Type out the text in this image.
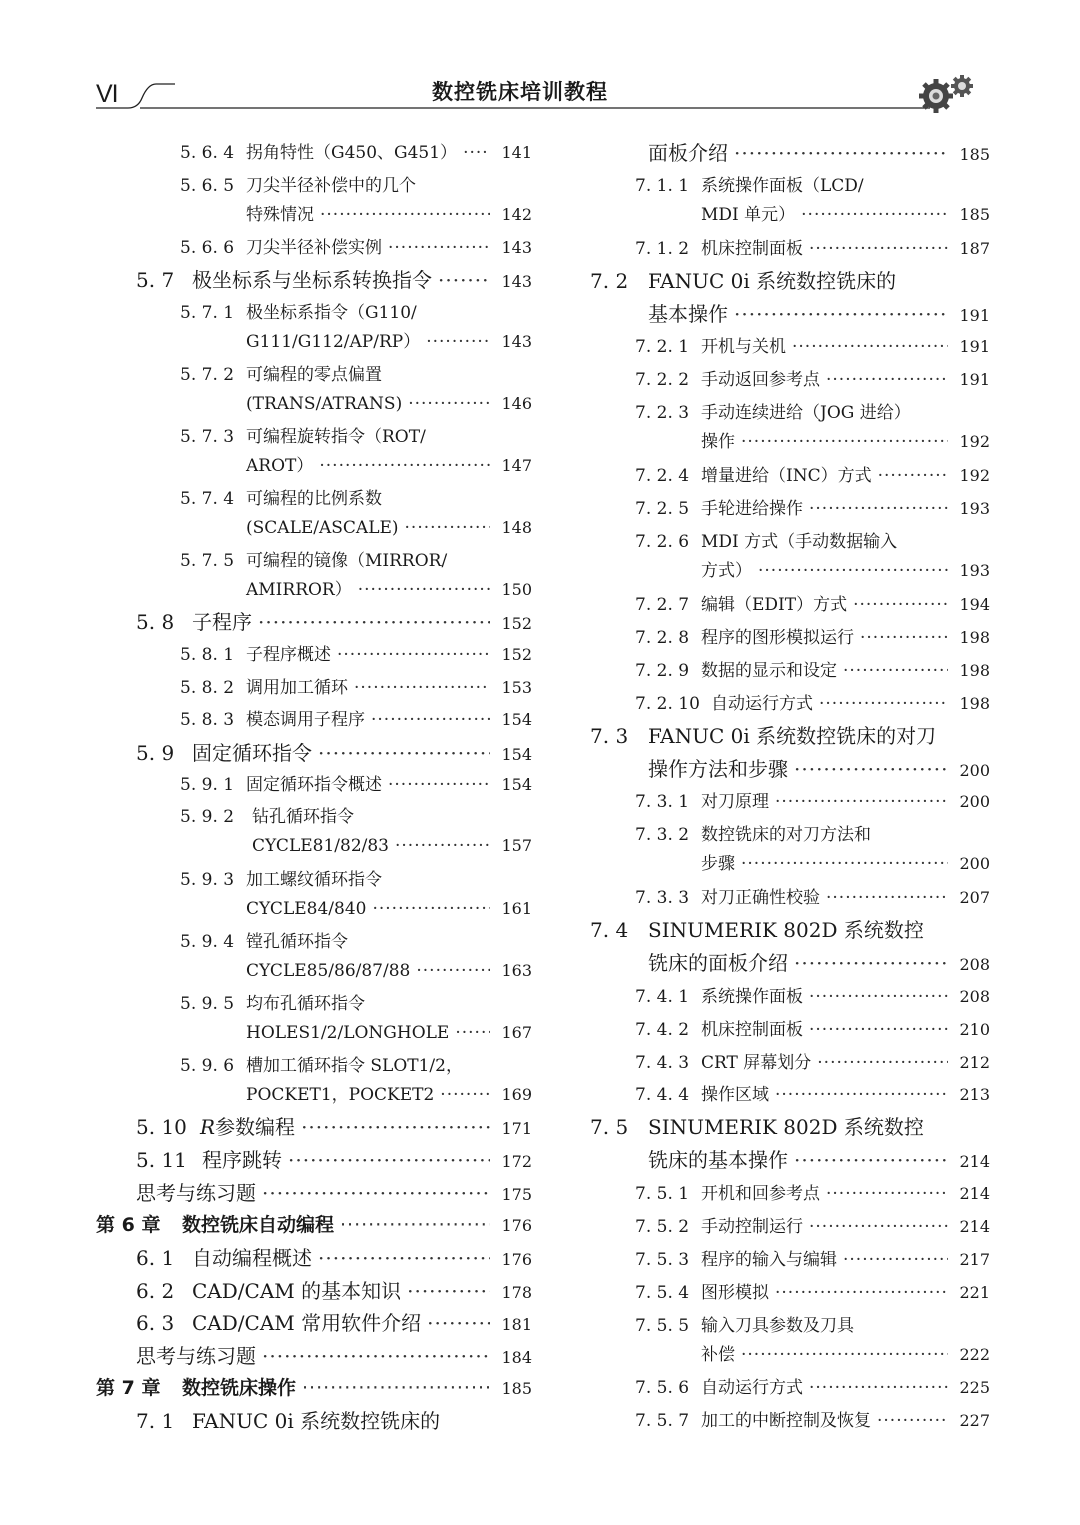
VI	数控铣床培训教程
5. 6. 4 拐角特性（G450、G451） ·····	141
5. 6. 5 刀尖半径补偿中的几个
特殊情况 ·····	142
5. 6. 6 刀尖半径补偿实例 ·····	143
5. 7 极坐标系与坐标系转换指令 ·····	143
5. 7. 1 极坐标系指令（G110/
G111/G112/AP/RP） ·····	143
5. 7. 2 可编程的零点偏置
(TRANS/ATRANS) ·····	146
5. 7. 3 可编程旋转指令（ROT/
AROT） ·····	147
5. 7. 4 可编程的比例系数
(SCALE/ASCALE) ·····	148
5. 7. 5 可编程的镜像（MIRROR/
AMIRROR） ·····	150
5. 8 子程序 ·····	152
5. 8. 1 子程序概述 ·····	152
5. 8. 2 调用加工循环 ·····	153
5. 8. 3 模态调用子程序 ·····	154
5. 9 固定循环指令 ·····	154
5. 9. 1 固定循环指令概述 ·····	154
5. 9. 2	钻孔循环指令
CYCLE81/82/83 ·····	157
5. 9. 3 加工螺纹循环指令
CYCLE84/840 ·····	161
5. 9. 4 镗孔循环指令
CYCLE85/86/87/88 ·····	163
5. 9. 5 均布孔循环指令
HOLES1/2/LONGHOLE ·····	167
5. 9. 6 槽加工循环指令 SLOT1/2，
POCKET1，POCKET2 ·····	169
5. 10 R 参数编程 ·····	171
5. 11 程序跳转 ·····	172
思考与练习题 ·····	175
第 6 章	数控铣床自动编程 ·····	176
6. 1 自动编程概述 ·····	176
6. 2 CAD/CAM 的基本知识 ·····	178
6. 3 CAD/CAM 常用软件介绍 ·····	181
思考与练习题 ·····	184
第 7 章	数控铣床操作 ·····	185
7. 1 FANUC 0i 系统数控铣床的
面板介绍 ·····	185
7. 1. 1 系统操作面板（LCD/
MDI 单元） ·····	185
7. 1. 2 机床控制面板 ·····	187
7. 2 FANUC 0i 系统数控铣床的
基本操作 ·····	191
7. 2. 1 开机与关机 ·····	191
7. 2. 2 手动返回参考点 ·····	191
7. 2. 3 手动连续进给（JOG 进给）
操作 ·····	192
7. 2. 4 增量进给（INC）方式 ·····	192
7. 2. 5 手轮进给操作 ·····	193
7. 2. 6 MDI 方式（手动数据输入
方式） ·····	193
7. 2. 7 编辑（EDIT）方式 ·····	194
7. 2. 8 程序的图形模拟运行 ·····	198
7. 2. 9 数据的显示和设定 ·····	198
7. 2. 10 自动运行方式 ·····	198
7. 3 FANUC 0i 系统数控铣床的对刀
操作方法和步骤 ·····	200
7. 3. 1 对刀原理 ·····	200
7. 3. 2 数控铣床的对刀方法和
步骤 ·····	200
7. 3. 3 对刀正确性校验 ·····	207
7. 4 SINUMERIK 802D 系统数控
铣床的面板介绍 ·····	208
7. 4. 1 系统操作面板 ·····	208
7. 4. 2 机床控制面板 ·····	210
7. 4. 3 CRT 屏幕划分 ·····	212
7. 4. 4 操作区域 ·····	213
7. 5 SINUMERIK 802D 系统数控
铣床的基本操作 ·····	214
7. 5. 1 开机和回参考点 ·····	214
7. 5. 2 手动控制运行 ·····	214
7. 5. 3 程序的输入与编辑 ·····	217
7. 5. 4 图形模拟 ·····	221
7. 5. 5 输入刀具参数及刀具
补偿 ·····	222
7. 5. 6 自动运行方式 ·····	225
7. 5. 7 加工的中断控制及恢复 ·····	227
